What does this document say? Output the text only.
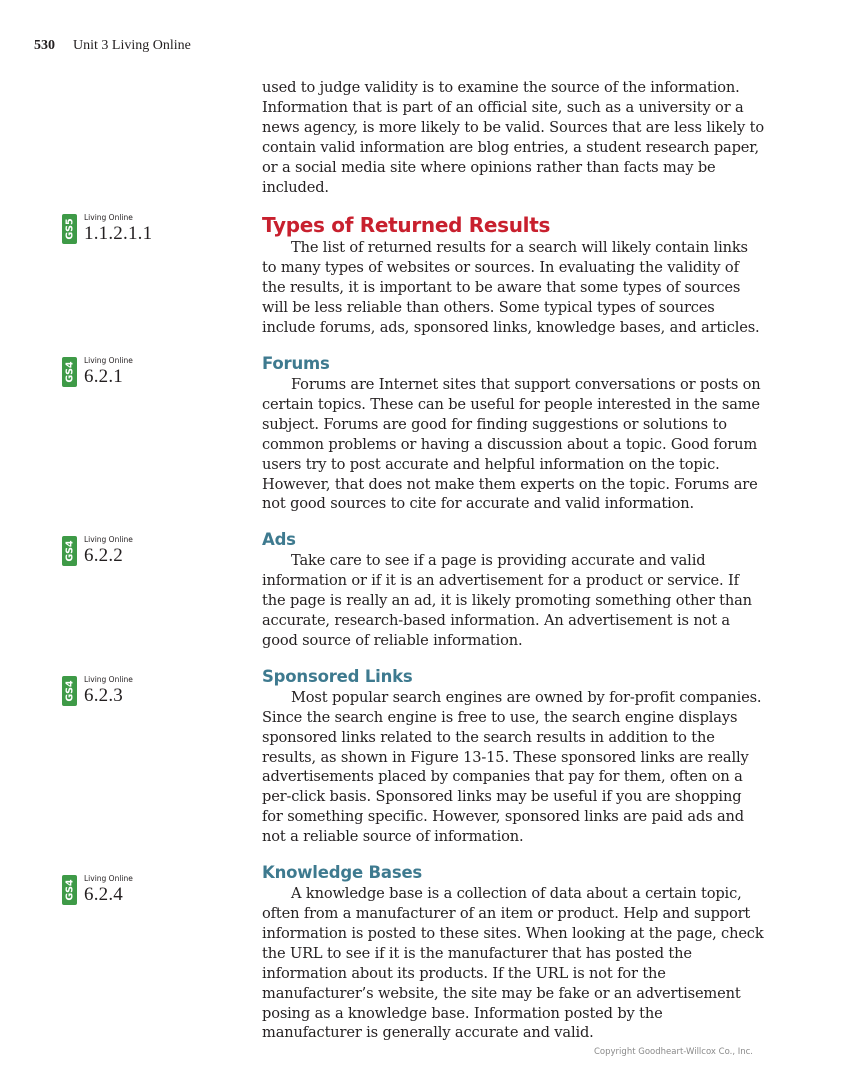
530 Unit 3 Living Online
GS5
Living Online
1.1.2.1.1
GS4
Living Online
6.2.1
GS4
Living Online
6.2.2
GS4
Living Online
6.2.3
GS4
Living Online
6.2.4

used to judge validity is to examine the source of the information. Information that is part of an official site, such as a university or a news agency, is more likely to be valid. Sources that are less likely to contain valid information are blog entries, a student research paper, or a social media site where opinions rather than facts may be included.

Types of Returned Results

The list of returned results for a search will likely contain links to many types of websites or sources. In evaluating the validity of the results, it is important to be aware that some types of sources will be less reliable than others. Some typical types of sources include forums, ads, sponsored links, knowledge bases, and articles.

Forums

Forums are Internet sites that support conversations or posts on certain topics. These can be useful for people interested in the same subject. Forums are good for finding suggestions or solutions to common problems or having a discussion about a topic. Good forum users try to post accurate and helpful information on the topic. However, that does not make them experts on the topic. Forums are not good sources to cite for accurate and valid information.

Ads

Take care to see if a page is providing accurate and valid information or if it is an advertisement for a product or service. If the page is really an ad, it is likely promoting something other than accurate, research-based information. An advertisement is not a good source of reliable information.

Sponsored Links

Most popular search engines are owned by for-profit companies. Since the search engine is free to use, the search engine displays sponsored links related to the search results in addition to the results, as shown in Figure 13-15. These sponsored links are really advertisements placed by companies that pay for them, often on a per-click basis. Sponsored links may be useful if you are shopping for something specific. However, sponsored links are paid ads and not a reliable source of information.

Knowledge Bases

A knowledge base is a collection of data about a certain topic, often from a manufacturer of an item or product. Help and support information is posted to these sites. When looking at the page, check the URL to see if it is the manufacturer that has posted the information about its products. If the URL is not for the manufacturer’s website, the site may be fake or an advertisement posing as a knowledge base. Information posted by the manufacturer is generally accurate and valid.

Copyright Goodheart-Willcox Co., Inc.
